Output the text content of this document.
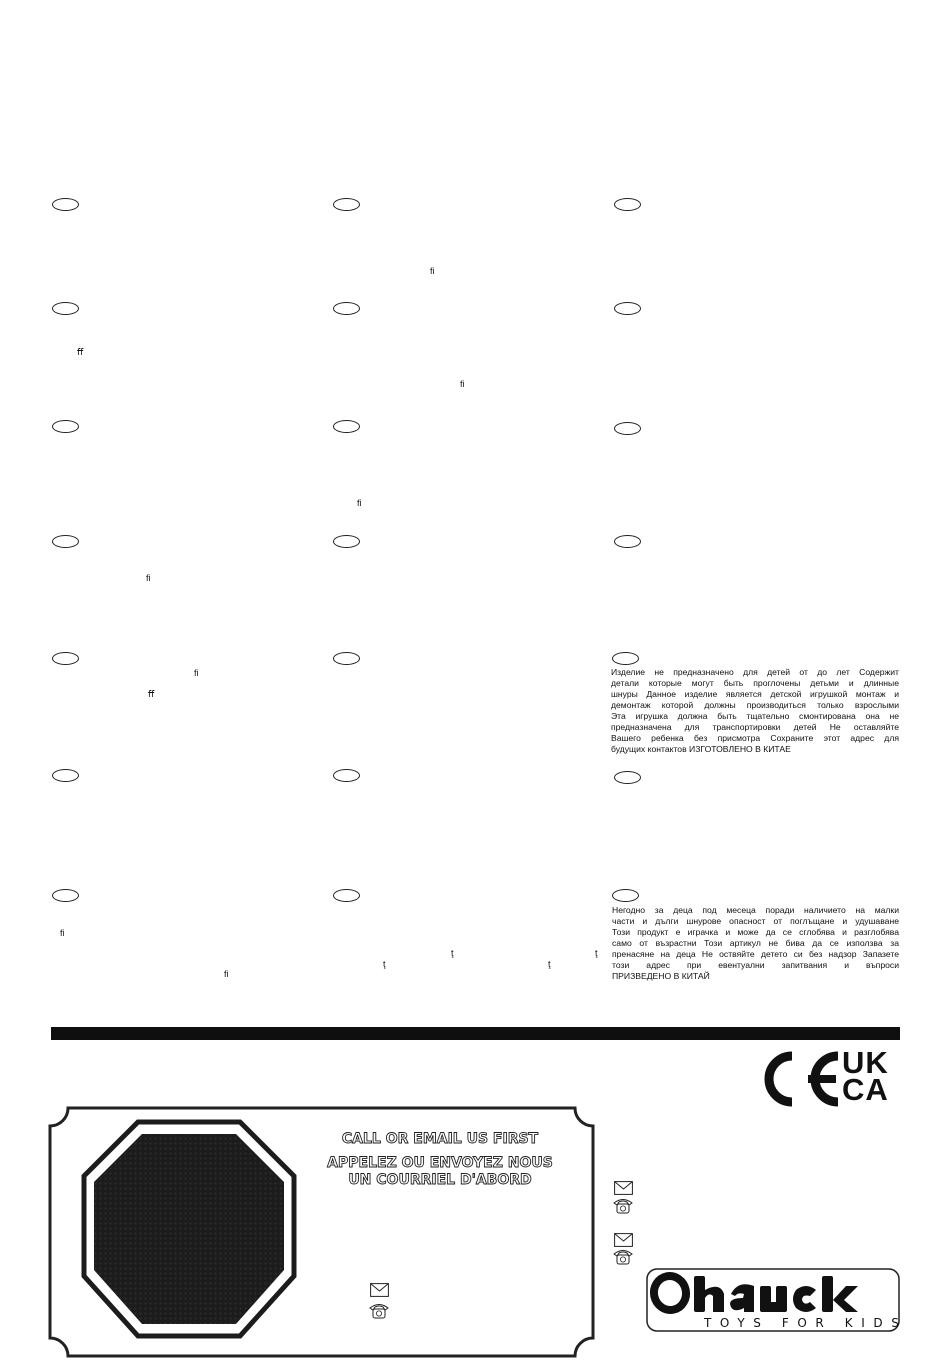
ﬁ
ﬀ
ﬁ
ﬁ
ﬁ
ﬁ
ﬀ
ﬁ
ţ	ţ
ţ	ţ
ﬁ
Изделие не предназначено для детей от до лет Содержит
детали которые могут быть проглочены детьми и длинные
шнуры Данное изделие является детской игрушкой монтаж и
демонтаж которой должны производиться только взрослыми
Эта игрушка должна быть тщательно смонтирована она не
предназначена для транспортировки детей Не оставляйте
Вашего ребенка без присмотра Сохраните этот адрес для
будущих контактов ИЗГОТОВЛЕНО В КИТАЕ
Негодно за деца под месеца поради наличието на малки
части и дълги шнурове опасност от поглъщане и удушаване
Този продукт е играчка и може да се сглобява и разглобява
само от възрастни Този артикул не бива да се използва за
пренасяне на деца Не оствяйте детето си без надзор Запазете
този адрес при евентуални запитвания и въпроси
ПРИЗВЕДЕНО В КИТАЙ
UK
CA
CALL OR EMAIL US FIRST
APPELEZ OU ENVOYEZ NOUS
UN COURRIEL D'ABORD
TOYS FOR KIDS
